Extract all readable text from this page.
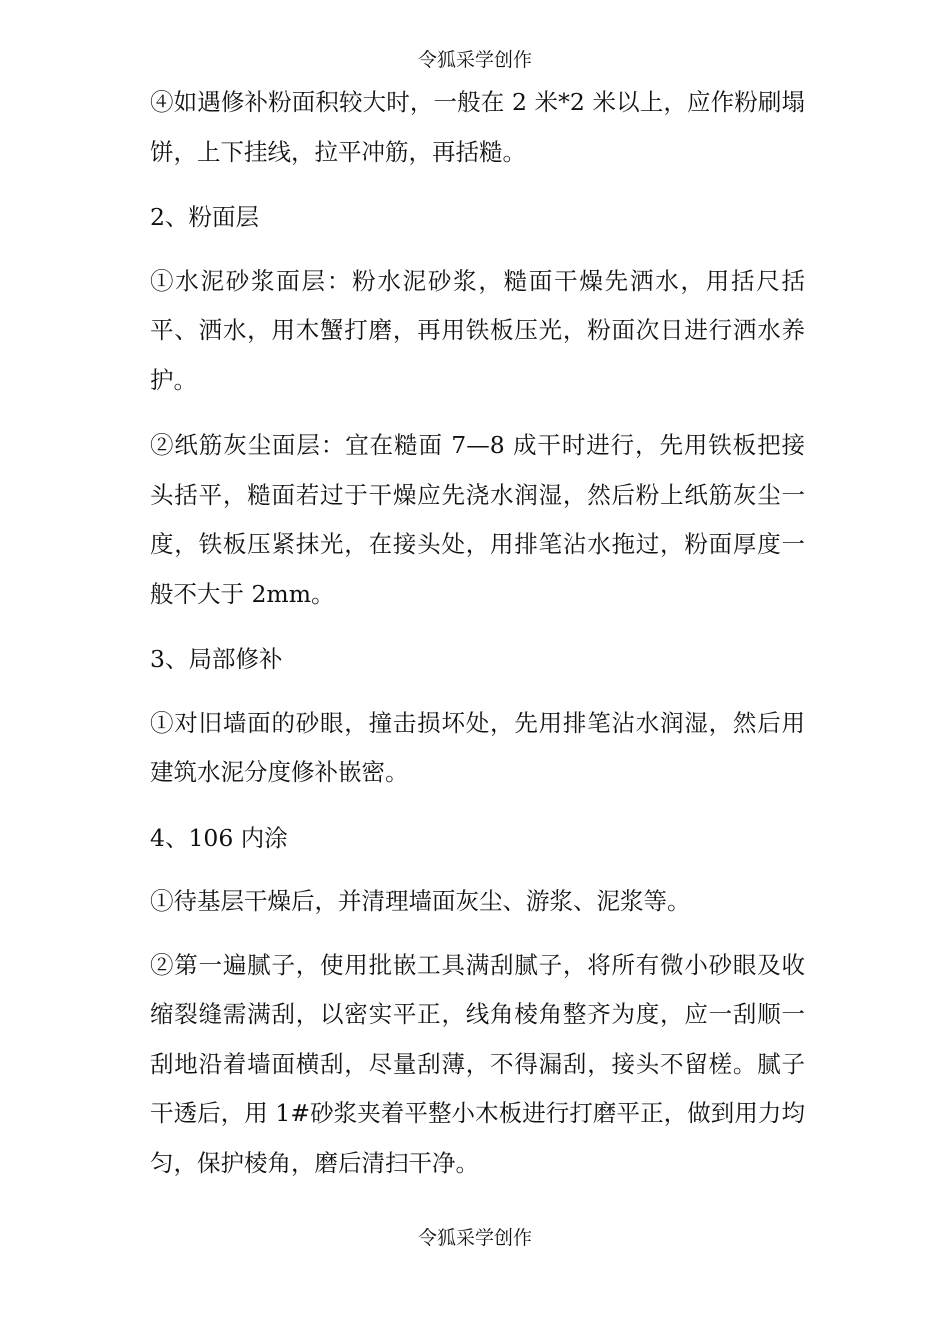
令狐采学创作

④如遇修补粉面积较大时，一般在 2 米*2 米以上，应作粉刷塌饼，上下挂线，拉平冲筋，再括糙。

2、粉面层

①水泥砂浆面层：粉水泥砂浆，糙面干燥先洒水，用括尺括平、洒水，用木蟹打磨，再用铁板压光，粉面次日进行洒水养护。

②纸筋灰尘面层：宜在糙面 7—8 成干时进行，先用铁板把接头括平，糙面若过于干燥应先浇水润湿，然后粉上纸筋灰尘一度，铁板压紧抹光，在接头处，用排笔沾水拖过，粉面厚度一般不大于 2mm。

3、局部修补

①对旧墙面的砂眼，撞击损坏处，先用排笔沾水润湿，然后用建筑水泥分度修补嵌密。

4、106 内涂

①待基层干燥后，并清理墙面灰尘、游浆、泥浆等。

②第一遍腻子，使用批嵌工具满刮腻子，将所有微小砂眼及收缩裂缝需满刮，以密实平正，线角棱角整齐为度，应一刮顺一刮地沿着墙面横刮，尽量刮薄，不得漏刮，接头不留槎。腻子干透后，用 1#砂浆夹着平整小木板进行打磨平正，做到用力均匀，保护棱角，磨后清扫干净。

令狐采学创作
